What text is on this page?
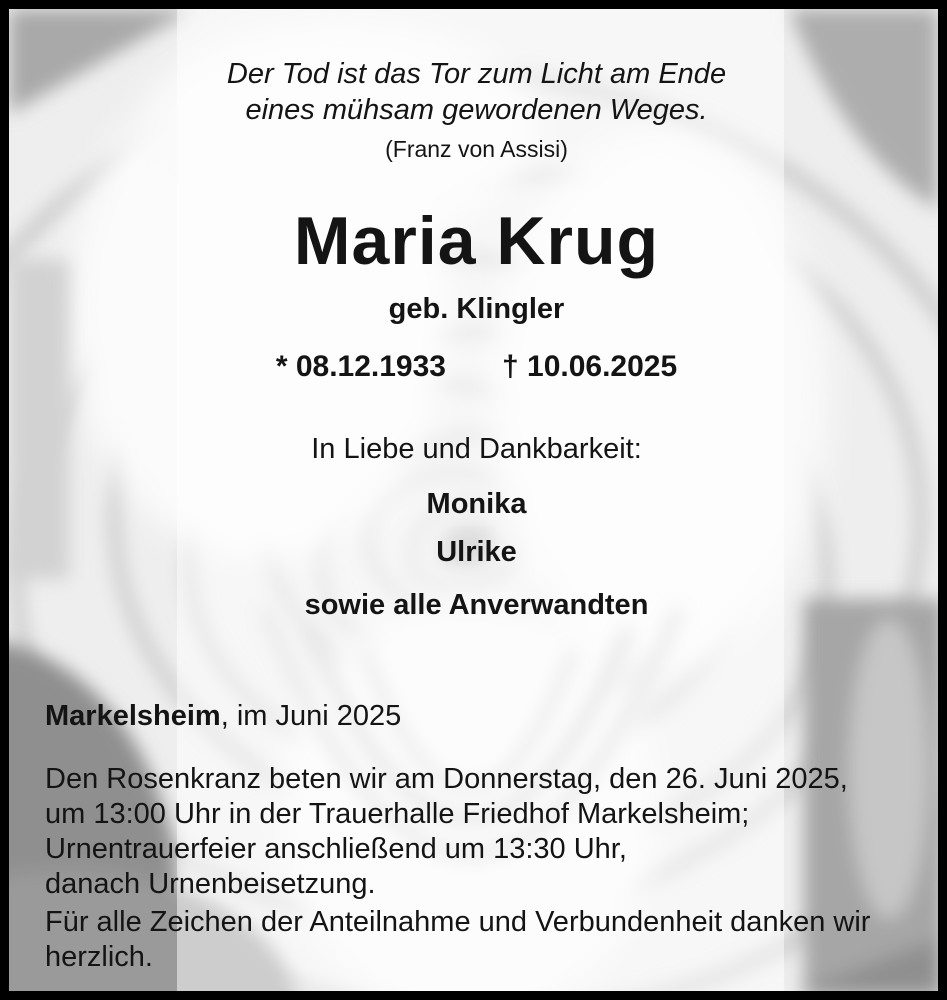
Der Tod ist das Tor zum Licht am Ende
eines mühsam gewordenen Weges.
(Franz von Assisi)
Maria Krug
geb. Klingler
* 08.12.1933 † 10.06.2025
In Liebe und Dankbarkeit:
Monika
Ulrike
sowie alle Anverwandten
Markelsheim, im Juni 2025
Den Rosenkranz beten wir am Donnerstag, den 26. Juni 2025,
um 13:00 Uhr in der Trauerhalle Friedhof Markelsheim;
Urnentrauerfeier anschließend um 13:30 Uhr,
danach Urnenbeisetzung.
Für alle Zeichen der Anteilnahme und Verbundenheit danken wir
herzlich.
